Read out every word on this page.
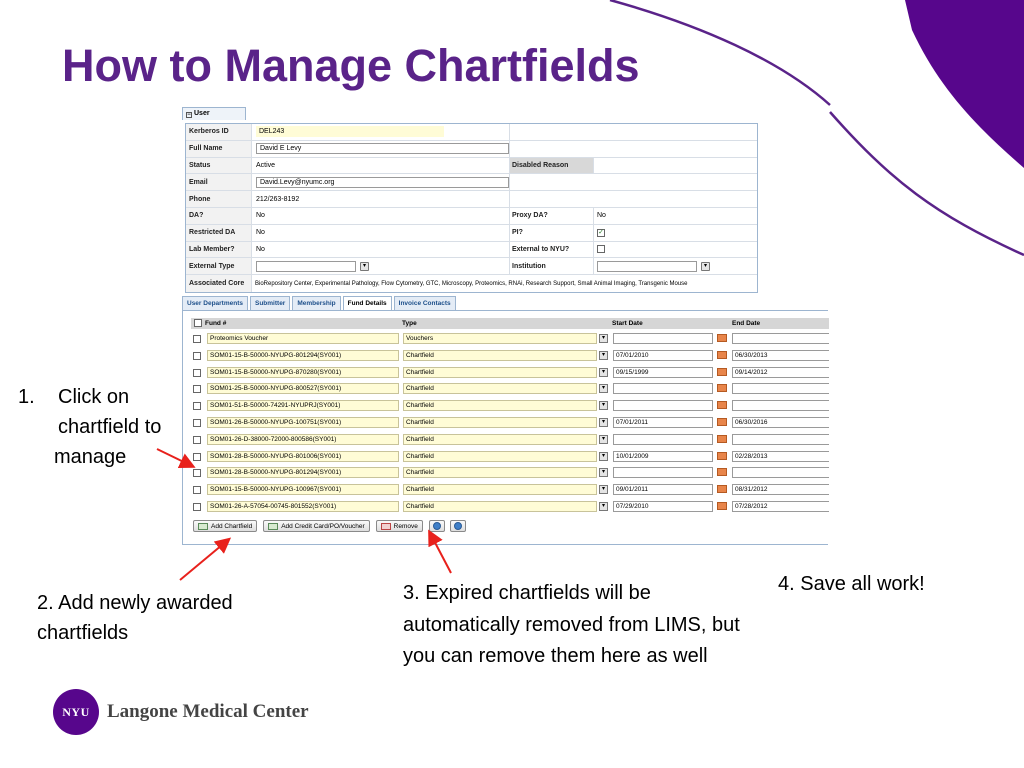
How to Manage Chartfields
− User
Kerberos ID	DEL243
Full Name	David E Levy
Status	Active	Disabled Reason
Email	David.Levy@nyumc.org
Phone	212/263-8192
DA?	No	Proxy DA?	No
Restricted DA	No	PI?	✓
Lab Member?	No	External to NYU?
External Type	▾	Institution	▾
Associated Core	BioRepository Center, Experimental Pathology, Flow Cytometry, GTC, Microscopy, Proteomics, RNAi, Research Support, Small Animal Imaging, Transgenic Mouse
User Departments	Submitter	Membership	Fund Details	Invoice Contacts
Fund #	Type	Start Date	End Date
Proteomics Voucher	Vouchers	▾
SOM01-15-B-50000-NYUPG-801294(SY001)	Chartfield	▾	07/01/2010	06/30/2013
SOM01-15-B-50000-NYUPG-870280(SY001)	Chartfield	▾	09/15/1999	09/14/2012
SOM01-25-B-50000-NYUPG-800527(SY001)	Chartfield	▾
SOM01-51-B-50000-74291-NYUPRJ(SY001)	Chartfield	▾
SOM01-26-B-50000-NYUPG-100751(SY001)	Chartfield	▾	07/01/2011	06/30/2016
SOM01-26-D-38000-72000-800586(SY001)	Chartfield	▾
SOM01-28-B-50000-NYUPG-801006(SY001)	Chartfield	▾	10/01/2009	02/28/2013
SOM01-28-B-50000-NYUPG-801294(SY001)	Chartfield	▾
SOM01-15-B-50000-NYUPG-100967(SY001)	Chartfield	▾	09/01/2011	08/31/2012
SOM01-26-A-57054-00745-801552(SY001)	Chartfield	▾	07/29/2010	07/28/2012
Add Chartfield	Add Credit Card/PO/Voucher	Remove
1. Click on
chartfield to
manage
2. Add newly awarded chartfields
3. Expired chartfields will be automatically removed from LIMS, but you can remove them here as well
4. Save all work!
NYU Langone Medical Center
